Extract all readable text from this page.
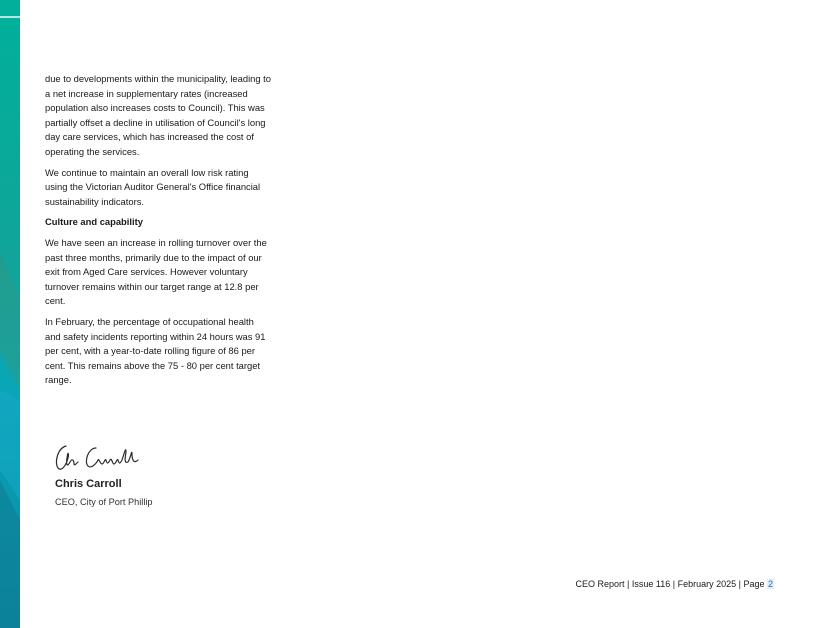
due to developments within the municipality, leading to a net increase in supplementary rates (increased population also increases costs to Council). This was partially offset a decline in utilisation of Council's long day care services, which has increased the cost of operating the services.

We continue to maintain an overall low risk rating using the Victorian Auditor General's Office financial sustainability indicators.

Culture and capability

We have seen an increase in rolling turnover over the past three months, primarily due to the impact of our exit from Aged Care services. However voluntary turnover remains within our target range at 12.8 per cent.

In February, the percentage of occupational health and safety incidents reporting within 24 hours was 91 per cent, with a year-to-date rolling figure of 86 per cent. This remains above the 75 - 80 per cent target range.

Chris Carroll
CEO, City of Port Phillip
CEO Report | Issue 116 | February 2025 | Page 2
